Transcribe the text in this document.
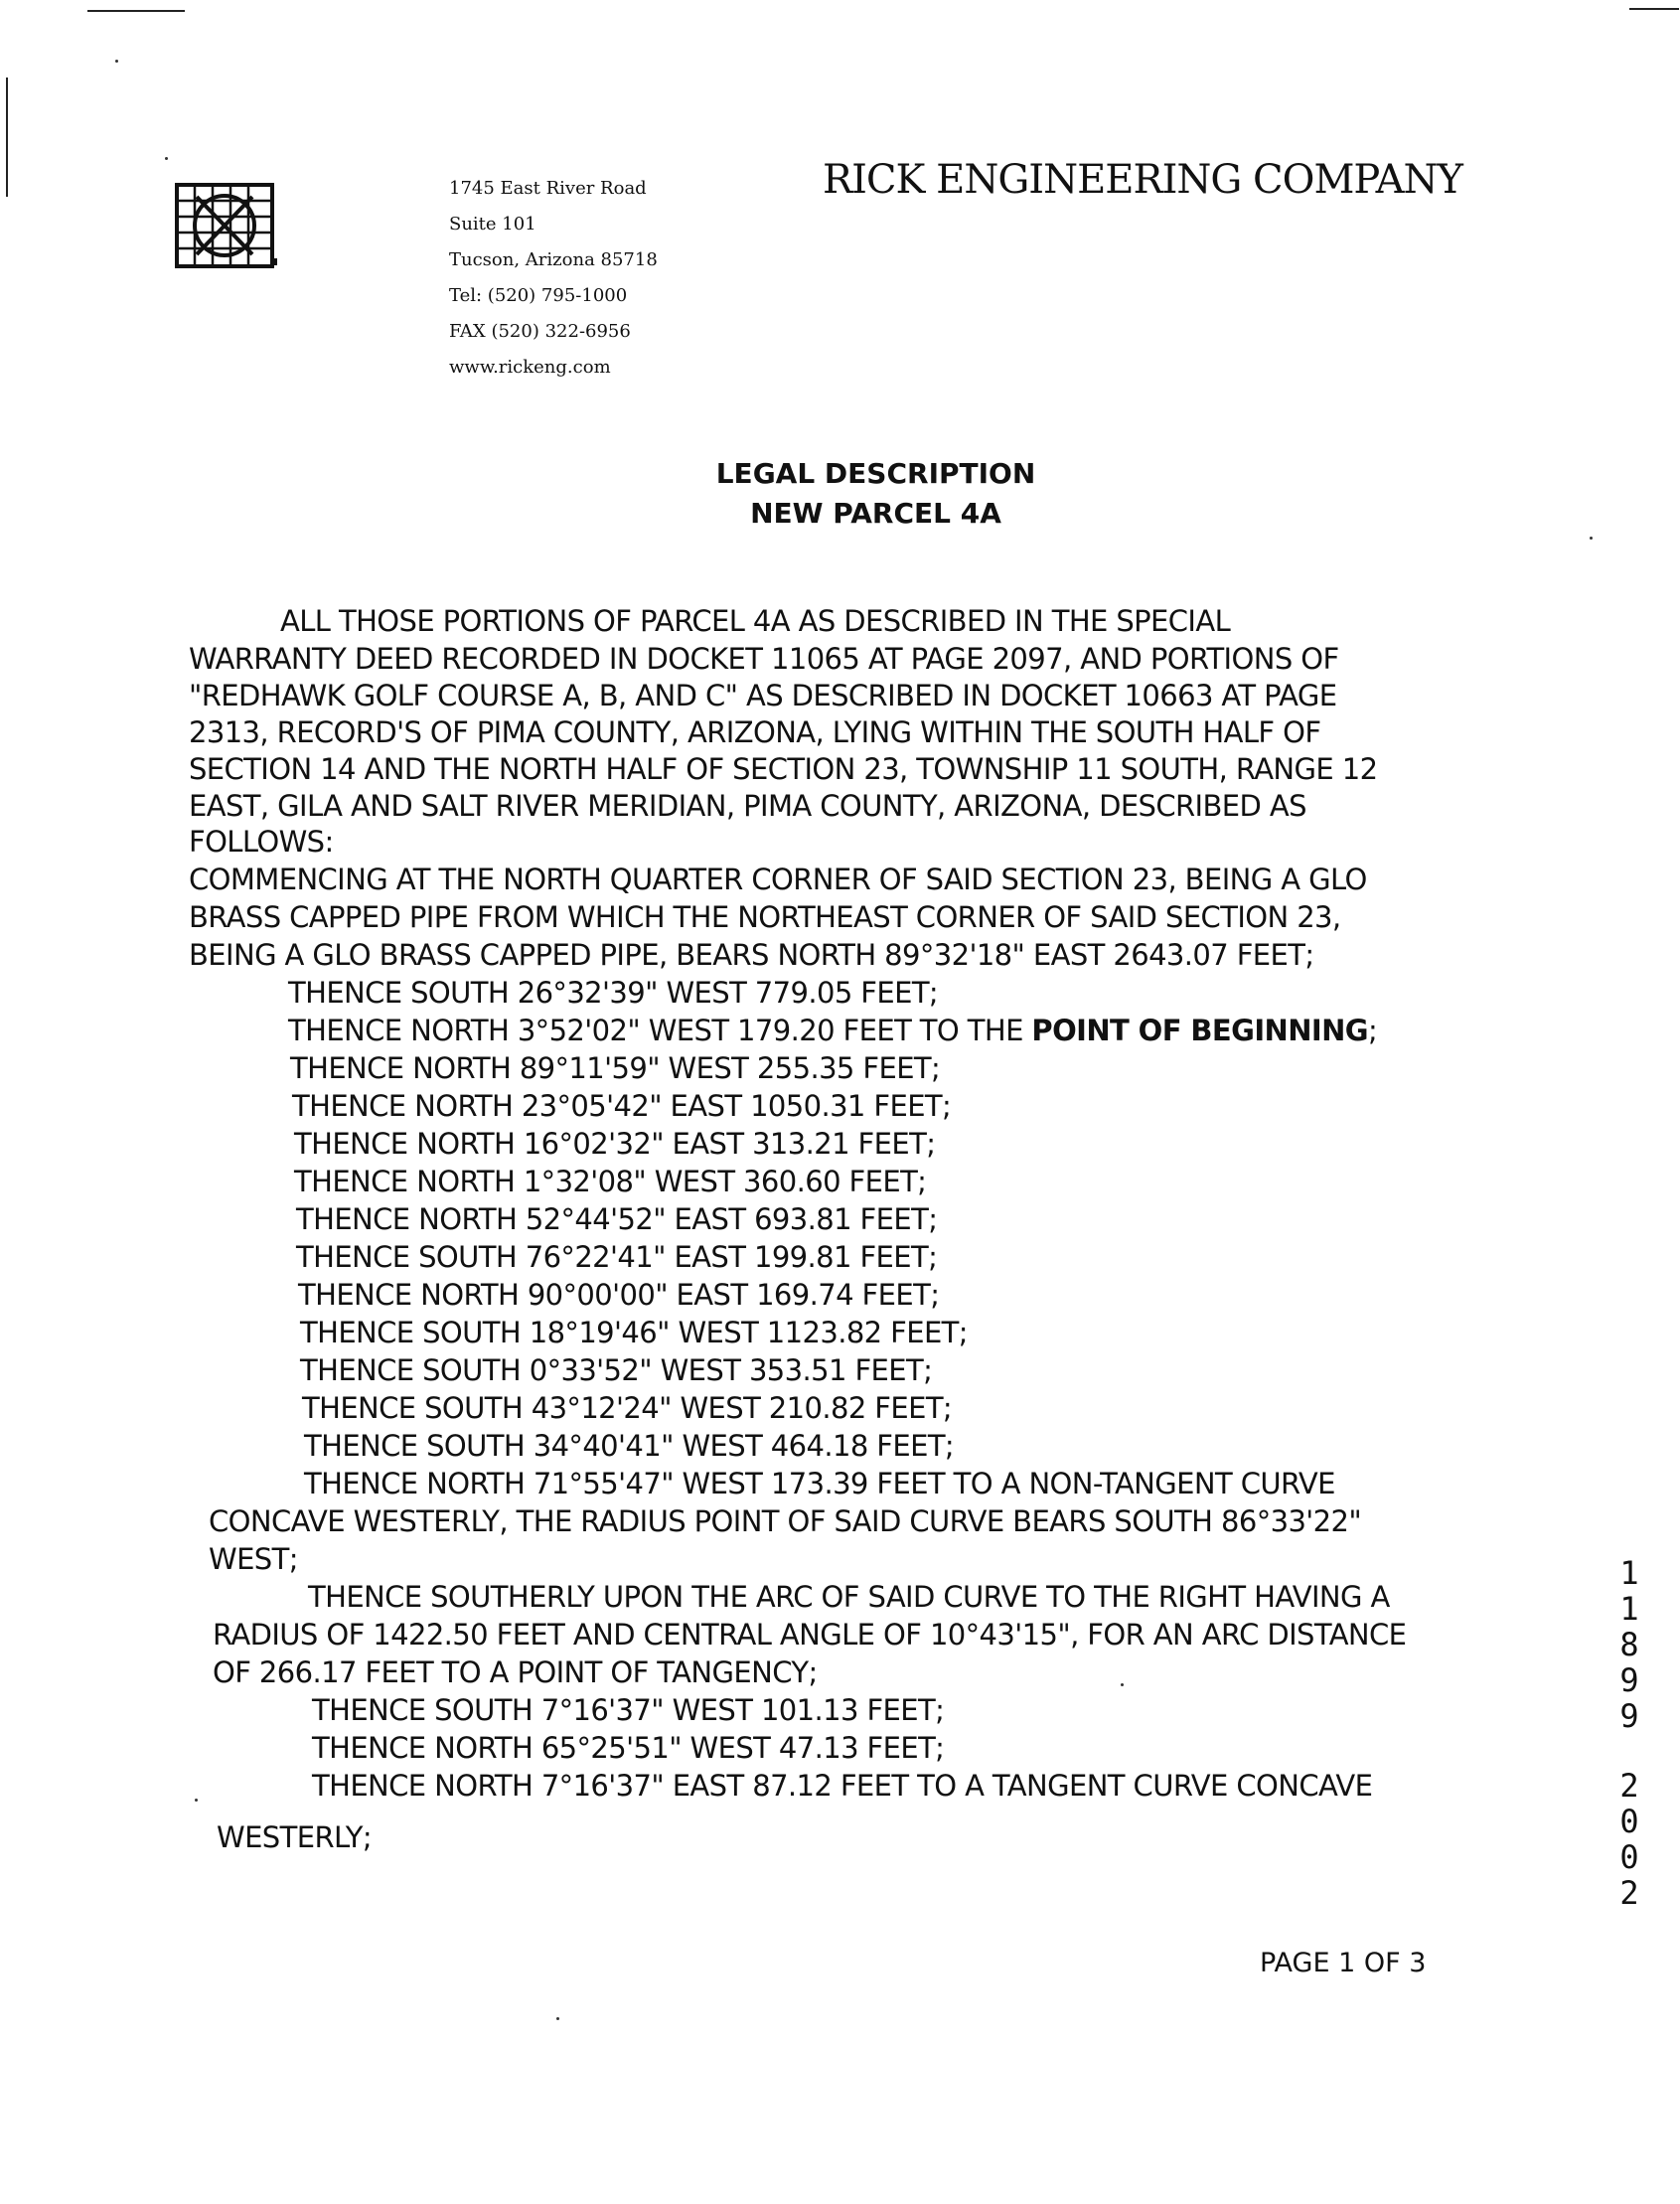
1745 East River Road
Suite 101
Tucson, Arizona 85718
Tel: (520) 795-1000
FAX (520) 322-6956
www.rickeng.com
RICK ENGINEERING COMPANY
LEGAL DESCRIPTION
NEW PARCEL 4A
ALL THOSE PORTIONS OF PARCEL 4A AS DESCRIBED IN THE SPECIAL
WARRANTY DEED RECORDED IN DOCKET 11065 AT PAGE 2097, AND PORTIONS OF
"REDHAWK GOLF COURSE A, B, AND C" AS DESCRIBED IN DOCKET 10663 AT PAGE
2313, RECORD'S OF PIMA COUNTY, ARIZONA, LYING WITHIN THE SOUTH HALF OF
SECTION 14 AND THE NORTH HALF OF SECTION 23, TOWNSHIP 11 SOUTH, RANGE 12
EAST, GILA AND SALT RIVER MERIDIAN, PIMA COUNTY, ARIZONA, DESCRIBED AS
FOLLOWS:
COMMENCING AT THE NORTH QUARTER CORNER OF SAID SECTION 23, BEING A GLO
BRASS CAPPED PIPE FROM WHICH THE NORTHEAST CORNER OF SAID SECTION 23,
BEING A GLO BRASS CAPPED PIPE, BEARS NORTH 89°32'18" EAST 2643.07 FEET;
THENCE SOUTH 26°32'39" WEST 779.05 FEET;
THENCE NORTH 3°52'02" WEST 179.20 FEET TO THE POINT OF BEGINNING;
THENCE NORTH 89°11'59" WEST 255.35 FEET;
THENCE NORTH 23°05'42" EAST 1050.31 FEET;
THENCE NORTH 16°02'32" EAST 313.21 FEET;
THENCE NORTH 1°32'08" WEST 360.60 FEET;
THENCE NORTH 52°44'52" EAST 693.81 FEET;
THENCE SOUTH 76°22'41" EAST 199.81 FEET;
THENCE NORTH 90°00'00" EAST 169.74 FEET;
THENCE SOUTH 18°19'46" WEST 1123.82 FEET;
THENCE SOUTH 0°33'52" WEST 353.51 FEET;
THENCE SOUTH 43°12'24" WEST 210.82 FEET;
THENCE SOUTH 34°40'41" WEST 464.18 FEET;
THENCE NORTH 71°55'47" WEST 173.39 FEET TO A NON-TANGENT CURVE
CONCAVE WESTERLY, THE RADIUS POINT OF SAID CURVE BEARS SOUTH 86°33'22"
WEST;
THENCE SOUTHERLY UPON THE ARC OF SAID CURVE TO THE RIGHT HAVING A
RADIUS OF 1422.50 FEET AND CENTRAL ANGLE OF 10°43'15", FOR AN ARC DISTANCE
OF 266.17 FEET TO A POINT OF TANGENCY;
THENCE SOUTH 7°16'37" WEST 101.13 FEET;
THENCE NORTH 65°25'51" WEST 47.13 FEET;
THENCE NORTH 7°16'37" EAST 87.12 FEET TO A TANGENT CURVE CONCAVE
WESTERLY;
1
1
8
9
9
2
0
0
2
PAGE 1 OF 3
